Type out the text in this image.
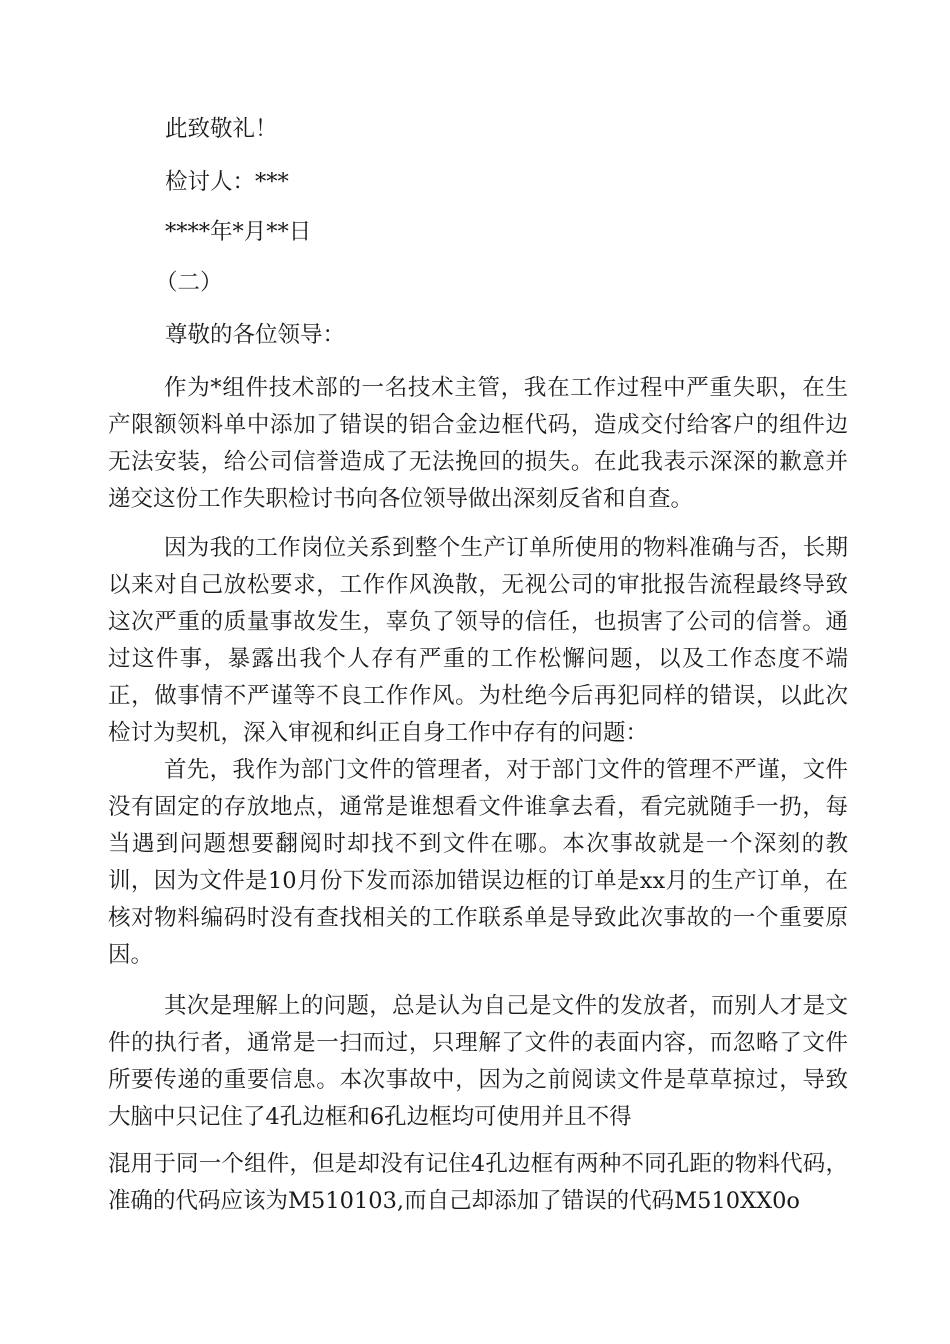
此致敬礼！
检讨人：***
****年*月**日
（二）
尊敬的各位领导：

作为*组件技术部的一名技术主管，我在工作过程中严重失职，在生产限额领料单中添加了错误的铝合金边框代码，造成交付给客户的组件边无法安装，给公司信誉造成了无法挽回的损失。在此我表示深深的歉意并递交这份工作失职检讨书向各位领导做出深刻反省和自查。

因为我的工作岗位关系到整个生产订单所使用的物料准确与否，长期以来对自己放松要求，工作作风涣散，无视公司的审批报告流程最终导致这次严重的质量事故发生，辜负了领导的信任，也损害了公司的信誉。通过这件事，暴露出我个人存有严重的工作松懈问题，以及工作态度不端正，做事情不严谨等不良工作作风。为杜绝今后再犯同样的错误，以此次检讨为契机，深入审视和纠正自身工作中存有的问题：

首先，我作为部门文件的管理者，对于部门文件的管理不严谨，文件没有固定的存放地点，通常是谁想看文件谁拿去看，看完就随手一扔，每当遇到问题想要翻阅时却找不到文件在哪。本次事故就是一个深刻的教训，因为文件是10月份下发而添加错误边框的订单是xx月的生产订单，在核对物料编码时没有查找相关的工作联系单是导致此次事故的一个重要原因。

其次是理解上的问题，总是认为自己是文件的发放者，而别人才是文件的执行者，通常是一扫而过，只理解了文件的表面内容，而忽略了文件所要传递的重要信息。本次事故中，因为之前阅读文件是草草掠过，导致大脑中只记住了4孔边框和6孔边框均可使用并且不得

混用于同一个组件，但是却没有记住4孔边框有两种不同孔距的物料代码，准确的代码应该为M510103,而自己却添加了错误的代码M510XX0o
